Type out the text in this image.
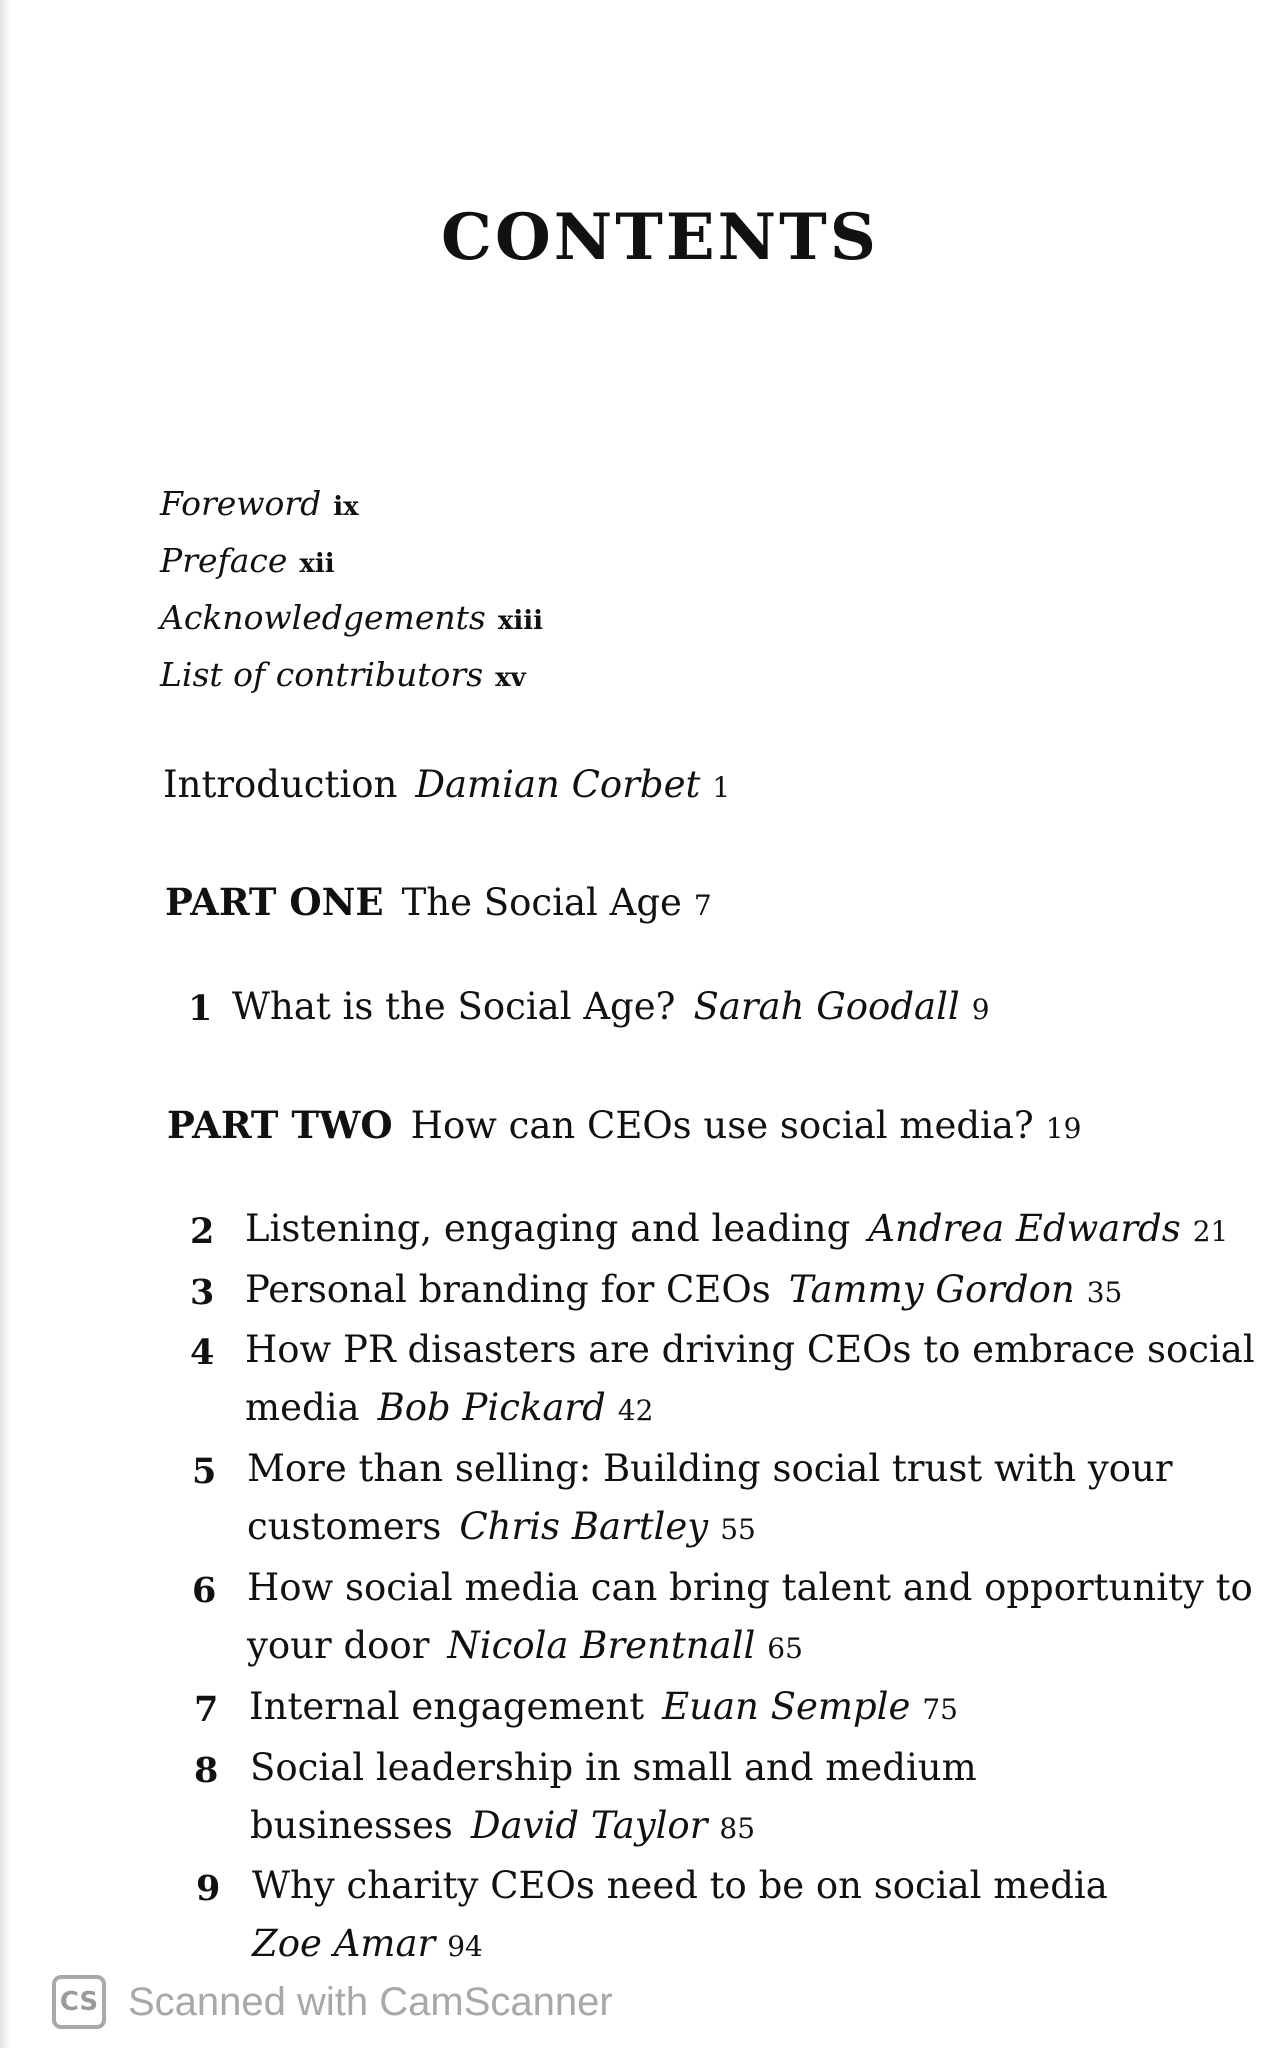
CONTENTS
Foreword ix
Preface xii
Acknowledgements xiii
List of contributors xv
Introduction Damian Corbet 1
PART ONE The Social Age 7
1 What is the Social Age? Sarah Goodall 9
PART TWO How can CEOs use social media? 19
2 Listening, engaging and leading Andrea Edwards 21
3 Personal branding for CEOs Tammy Gordon 35
4 How PR disasters are driving CEOs to embrace social
media Bob Pickard 42
5 More than selling: Building social trust with your
customers Chris Bartley 55
6 How social media can bring talent and opportunity to
your door Nicola Brentnall 65
7 Internal engagement Euan Semple 75
8 Social leadership in small and medium
businesses David Taylor 85
9 Why charity CEOs need to be on social media
Zoe Amar 94
CS Scanned with CamScanner
